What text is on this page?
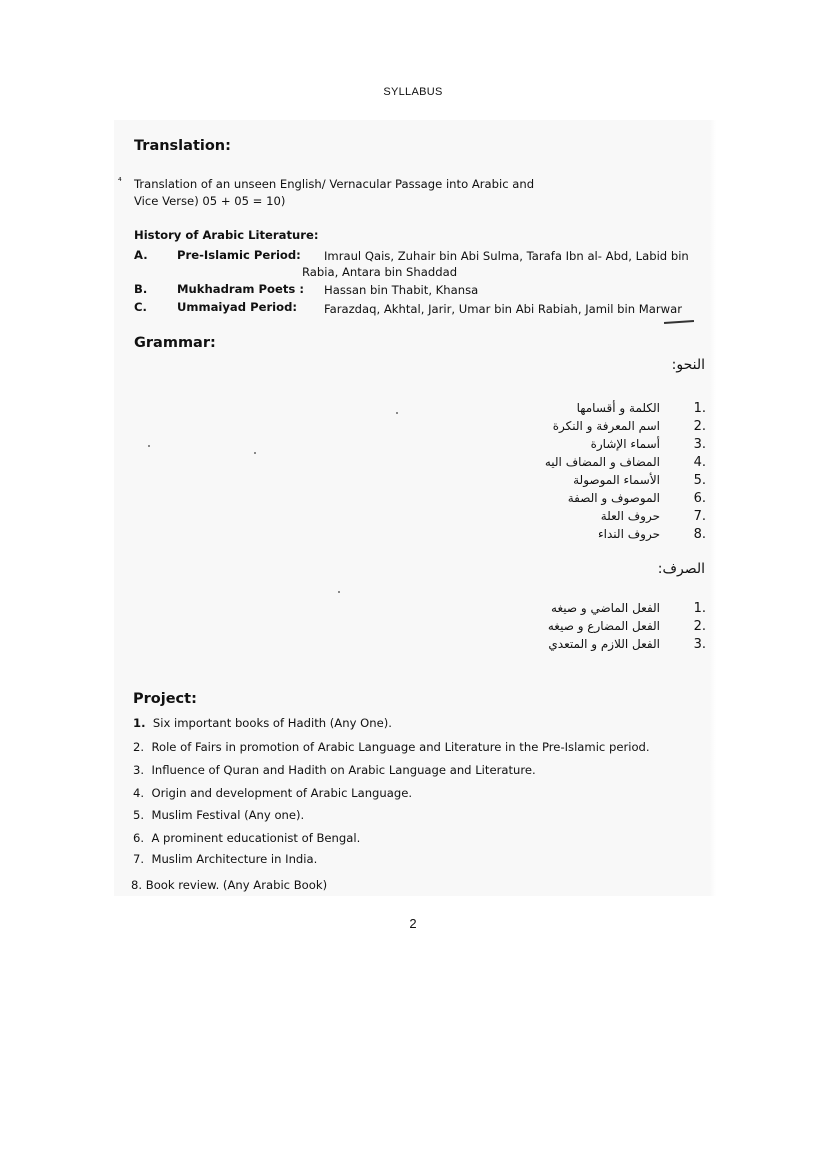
SYLLABUS
Translation:
⁴ Translation of an unseen English/ Vernacular Passage into Arabic and
Vice Verse) 05 + 05 = 10)
History of Arabic Literature:
A.	Pre-Islamic Period: Imraul Qais, Zuhair bin Abi Sulma, Tarafa Ibn al- Abd, Labid bin
Rabia, Antara bin Shaddad
B.	Mukhadram Poets : Hassan bin Thabit, Khansa
C.	Ummaiyad Period: Farazdaq, Akhtal, Jarir, Umar bin Abi Rabiah, Jamil bin Marwar
Grammar:
النحو:
الكلمة و أقسامها	.1
اسم المعرفة و النكرة	.2
أسماء الإشارة	.3
المضاف و المضاف اليه	.4
الأسماء الموصولة	.5
الموصوف و الصفة	.6
حروف العلة	.7
حروف النداء	.8
الصرف:
الفعل الماضي و صيغه	.1
الفعل المضارع و صيغه	.2
الفعل اللازم و المتعدي	.3
Project:
1. Six important books of Hadith (Any One).
2. Role of Fairs in promotion of Arabic Language and Literature in the Pre-Islamic period.
3. Influence of Quran and Hadith on Arabic Language and Literature.
4. Origin and development of Arabic Language.
5. Muslim Festival (Any one).
6. A prominent educationist of Bengal.
7. Muslim Architecture in India.
8. Book review. (Any Arabic Book)
2
